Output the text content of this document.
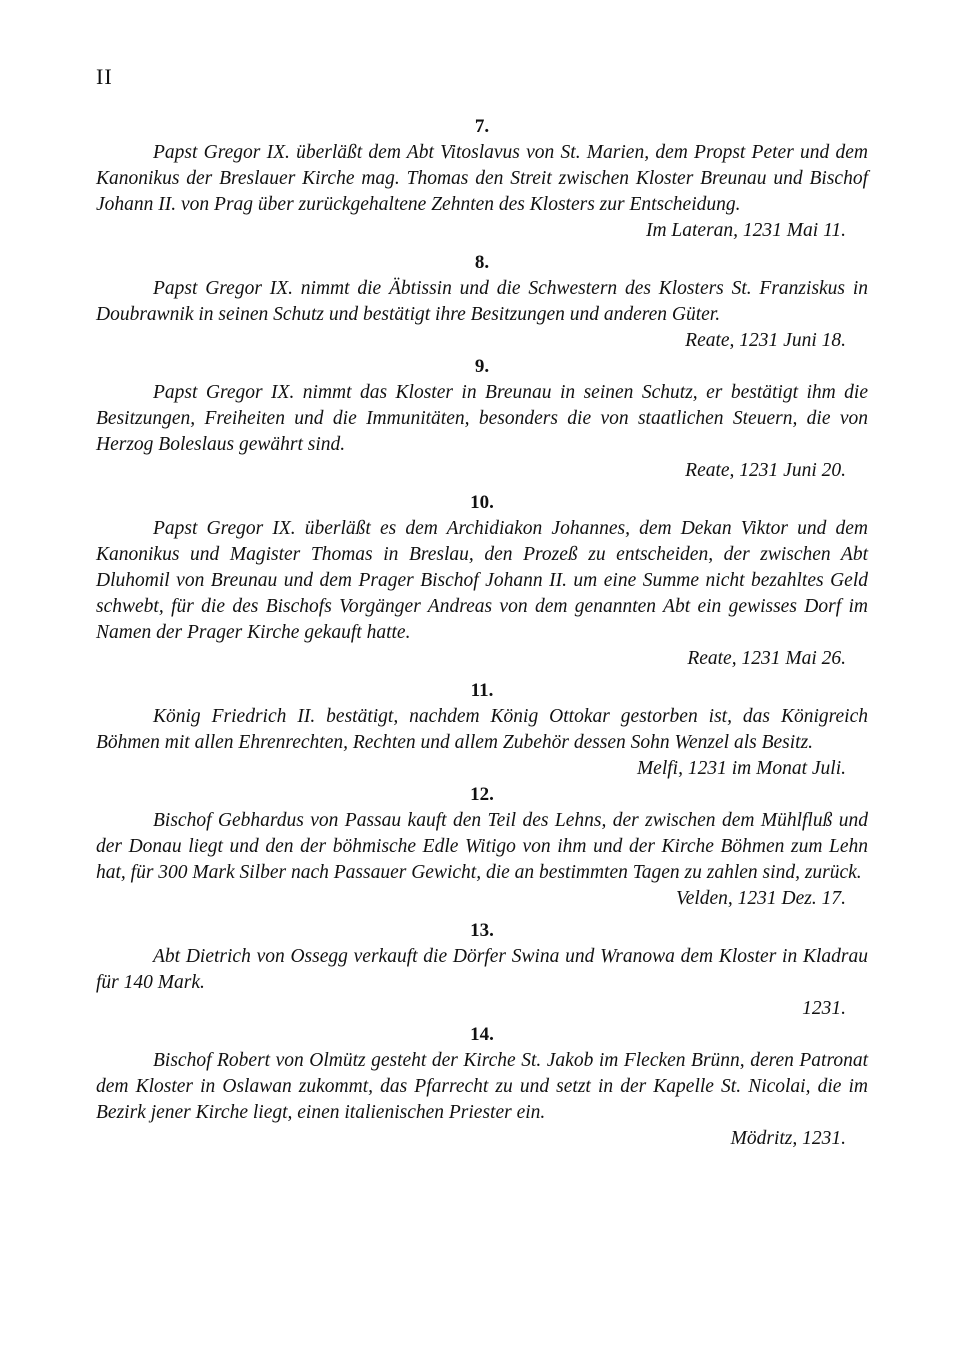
II
7.

Papst Gregor IX. überläßt dem Abt Vitoslavus von St. Marien, dem Propst Peter und dem Kanonikus der Breslauer Kirche mag. Thomas den Streit zwischen Kloster Breunau und Bischof Johann II. von Prag über zurückgehaltene Zehnten des Klosters zur Entscheidung.

Im Lateran, 1231 Mai 11.

8.

Papst Gregor IX. nimmt die Äbtissin und die Schwestern des Klosters St. Franziskus in Doubrawnik in seinen Schutz und bestätigt ihre Besitzungen und anderen Güter.

Reate, 1231 Juni 18.

9.

Papst Gregor IX. nimmt das Kloster in Breunau in seinen Schutz, er bestätigt ihm die Besitzungen, Freiheiten und die Immunitäten, besonders die von staatlichen Steuern, die von Herzog Boleslaus gewährt sind.

Reate, 1231 Juni 20.

10.

Papst Gregor IX. überläßt es dem Archidiakon Johannes, dem Dekan Viktor und dem Kanonikus und Magister Thomas in Breslau, den Prozeß zu entscheiden, der zwischen Abt Dluhomil von Breunau und dem Prager Bischof Johann II. um eine Summe nicht bezahltes Geld schwebt, für die des Bischofs Vorgänger Andreas von dem genannten Abt ein gewisses Dorf im Namen der Prager Kirche gekauft hatte.

Reate, 1231 Mai 26.

11.

König Friedrich II. bestätigt, nachdem König Ottokar gestorben ist, das Königreich Böhmen mit allen Ehrenrechten, Rechten und allem Zubehör dessen Sohn Wenzel als Besitz.

Melfi, 1231 im Monat Juli.

12.

Bischof Gebhardus von Passau kauft den Teil des Lehns, der zwischen dem Mühlfluß und der Donau liegt und den der böhmische Edle Witigo von ihm und der Kirche Böhmen zum Lehn hat, für 300 Mark Silber nach Passauer Gewicht, die an bestimmten Tagen zu zahlen sind, zurück.

Velden, 1231 Dez. 17.

13.

Abt Dietrich von Ossegg verkauft die Dörfer Swina und Wranowa dem Kloster in Kladrau für 140 Mark.

1231.

14.

Bischof Robert von Olmütz gesteht der Kirche St. Jakob im Flecken Brünn, deren Patronat dem Kloster in Oslawan zukommt, das Pfarrecht zu und setzt in der Kapelle St. Nicolai, die im Bezirk jener Kirche liegt, einen italienischen Priester ein.

Mödritz, 1231.
